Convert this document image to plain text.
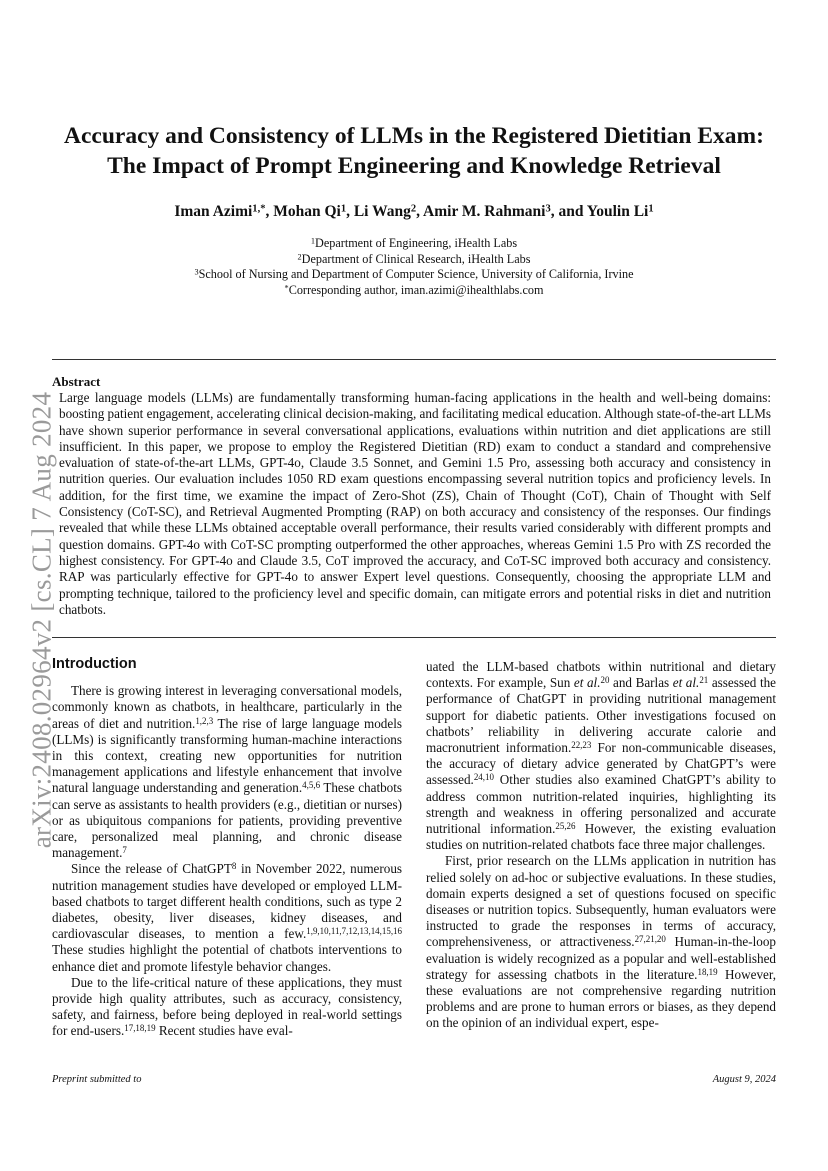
arXiv:2408.02964v2 [cs.CL] 7 Aug 2024
Accuracy and Consistency of LLMs in the Registered Dietitian Exam:
The Impact of Prompt Engineering and Knowledge Retrieval

Iman Azimi$^{1,*}$, Mohan Qi$^1$, Li Wang$^2$, Amir M. Rahmani$^3$, and Youlin Li$^1$

$^1$Department of Engineering, iHealth Labs
$^2$Department of Clinical Research, iHealth Labs
$^3$School of Nursing and Department of Computer Science, University of California, Irvine
*Corresponding author, iman.azimi@ihealthlabs.com
Abstract

Large language models (LLMs) are fundamentally transforming human-facing applications in the health and well-being domains: boosting patient engagement, accelerating clinical decision-making, and facilitating medical education. Although state-of-the-art LLMs have shown superior performance in several conversational applications, evaluations within nutrition and diet applications are still insufficient. In this paper, we propose to employ the Registered Dietitian (RD) exam to conduct a standard and comprehensive evaluation of state-of-the-art LLMs, GPT-4o, Claude 3.5 Sonnet, and Gemini 1.5 Pro, assessing both accuracy and consistency in nutrition queries. Our evaluation includes 1050 RD exam questions encompassing several nutrition topics and proficiency levels. In addition, for the first time, we examine the impact of Zero-Shot (ZS), Chain of Thought (CoT), Chain of Thought with Self Consistency (CoT-SC), and Retrieval Augmented Prompting (RAP) on both accuracy and consistency of the responses. Our findings revealed that while these LLMs obtained acceptable overall performance, their results varied considerably with different prompts and question domains. GPT-4o with CoT-SC prompting outperformed the other approaches, whereas Gemini 1.5 Pro with ZS recorded the highest consistency. For GPT-4o and Claude 3.5, CoT improved the accuracy, and CoT-SC improved both accuracy and consistency. RAP was particularly effective for GPT-4o to answer Expert level questions. Consequently, choosing the appropriate LLM and prompting technique, tailored to the proficiency level and specific domain, can mitigate errors and potential risks in diet and nutrition chatbots.

Introduction

There is growing interest in leveraging conversational models, commonly known as chatbots, in healthcare, particularly in the areas of diet and nutrition.$^{1,2,3}$ The rise of large language models (LLMs) is significantly transforming human-machine interactions in this context, creating new opportunities for nutrition management applications and lifestyle enhancement that involve natural language understanding and generation.$^{4,5,6}$ These chatbots can serve as assistants to health providers (e.g., dietitian or nurses) or as ubiquitous companions for patients, providing preventive care, personalized meal planning, and chronic disease management.$^7$

Since the release of ChatGPT$^8$ in November 2022, numerous nutrition management studies have developed or employed LLM-based chatbots to target different health conditions, such as type 2 diabetes, obesity, liver diseases, kidney diseases, and cardiovascular diseases, to mention a few.$^{1,9,10,11,7,12,13,14,15,16}$ These studies highlight the potential of chatbots interventions to enhance diet and promote lifestyle behavior changes.

Due to the life-critical nature of these applications, they must provide high quality attributes, such as accuracy, consistency, safety, and fairness, before being deployed in real-world settings for end-users.$^{17,18,19}$ Recent studies have eval-

uated the LLM-based chatbots within nutritional and dietary contexts. For example, Sun et al.$^{20}$ and Barlas et al.$^{21}$ assessed the performance of ChatGPT in providing nutritional management support for diabetic patients. Other investigations focused on chatbots’ reliability in delivering accurate calorie and macronutrient information.$^{22,23}$ For non-communicable diseases, the accuracy of dietary advice generated by ChatGPT’s were assessed.$^{24,10}$ Other studies also examined ChatGPT’s ability to address common nutrition-related inquiries, highlighting its strength and weakness in offering personalized and accurate nutritional information.$^{25,26}$ However, the existing evaluation studies on nutrition-related chatbots face three major challenges.

First, prior research on the LLMs application in nutrition has relied solely on ad-hoc or subjective evaluations. In these studies, domain experts designed a set of questions focused on specific diseases or nutrition topics. Subsequently, human evaluators were instructed to grade the responses in terms of accuracy, comprehensiveness, or attractiveness.$^{27,21,20}$ Human-in-the-loop evaluation is widely recognized as a popular and well-established strategy for assessing chatbots in the literature.$^{18,19}$ However, these evaluations are not comprehensive regarding nutrition problems and are prone to human errors or biases, as they depend on the opinion of an individual expert, espe-

Preprint submitted to	August 9, 2024
